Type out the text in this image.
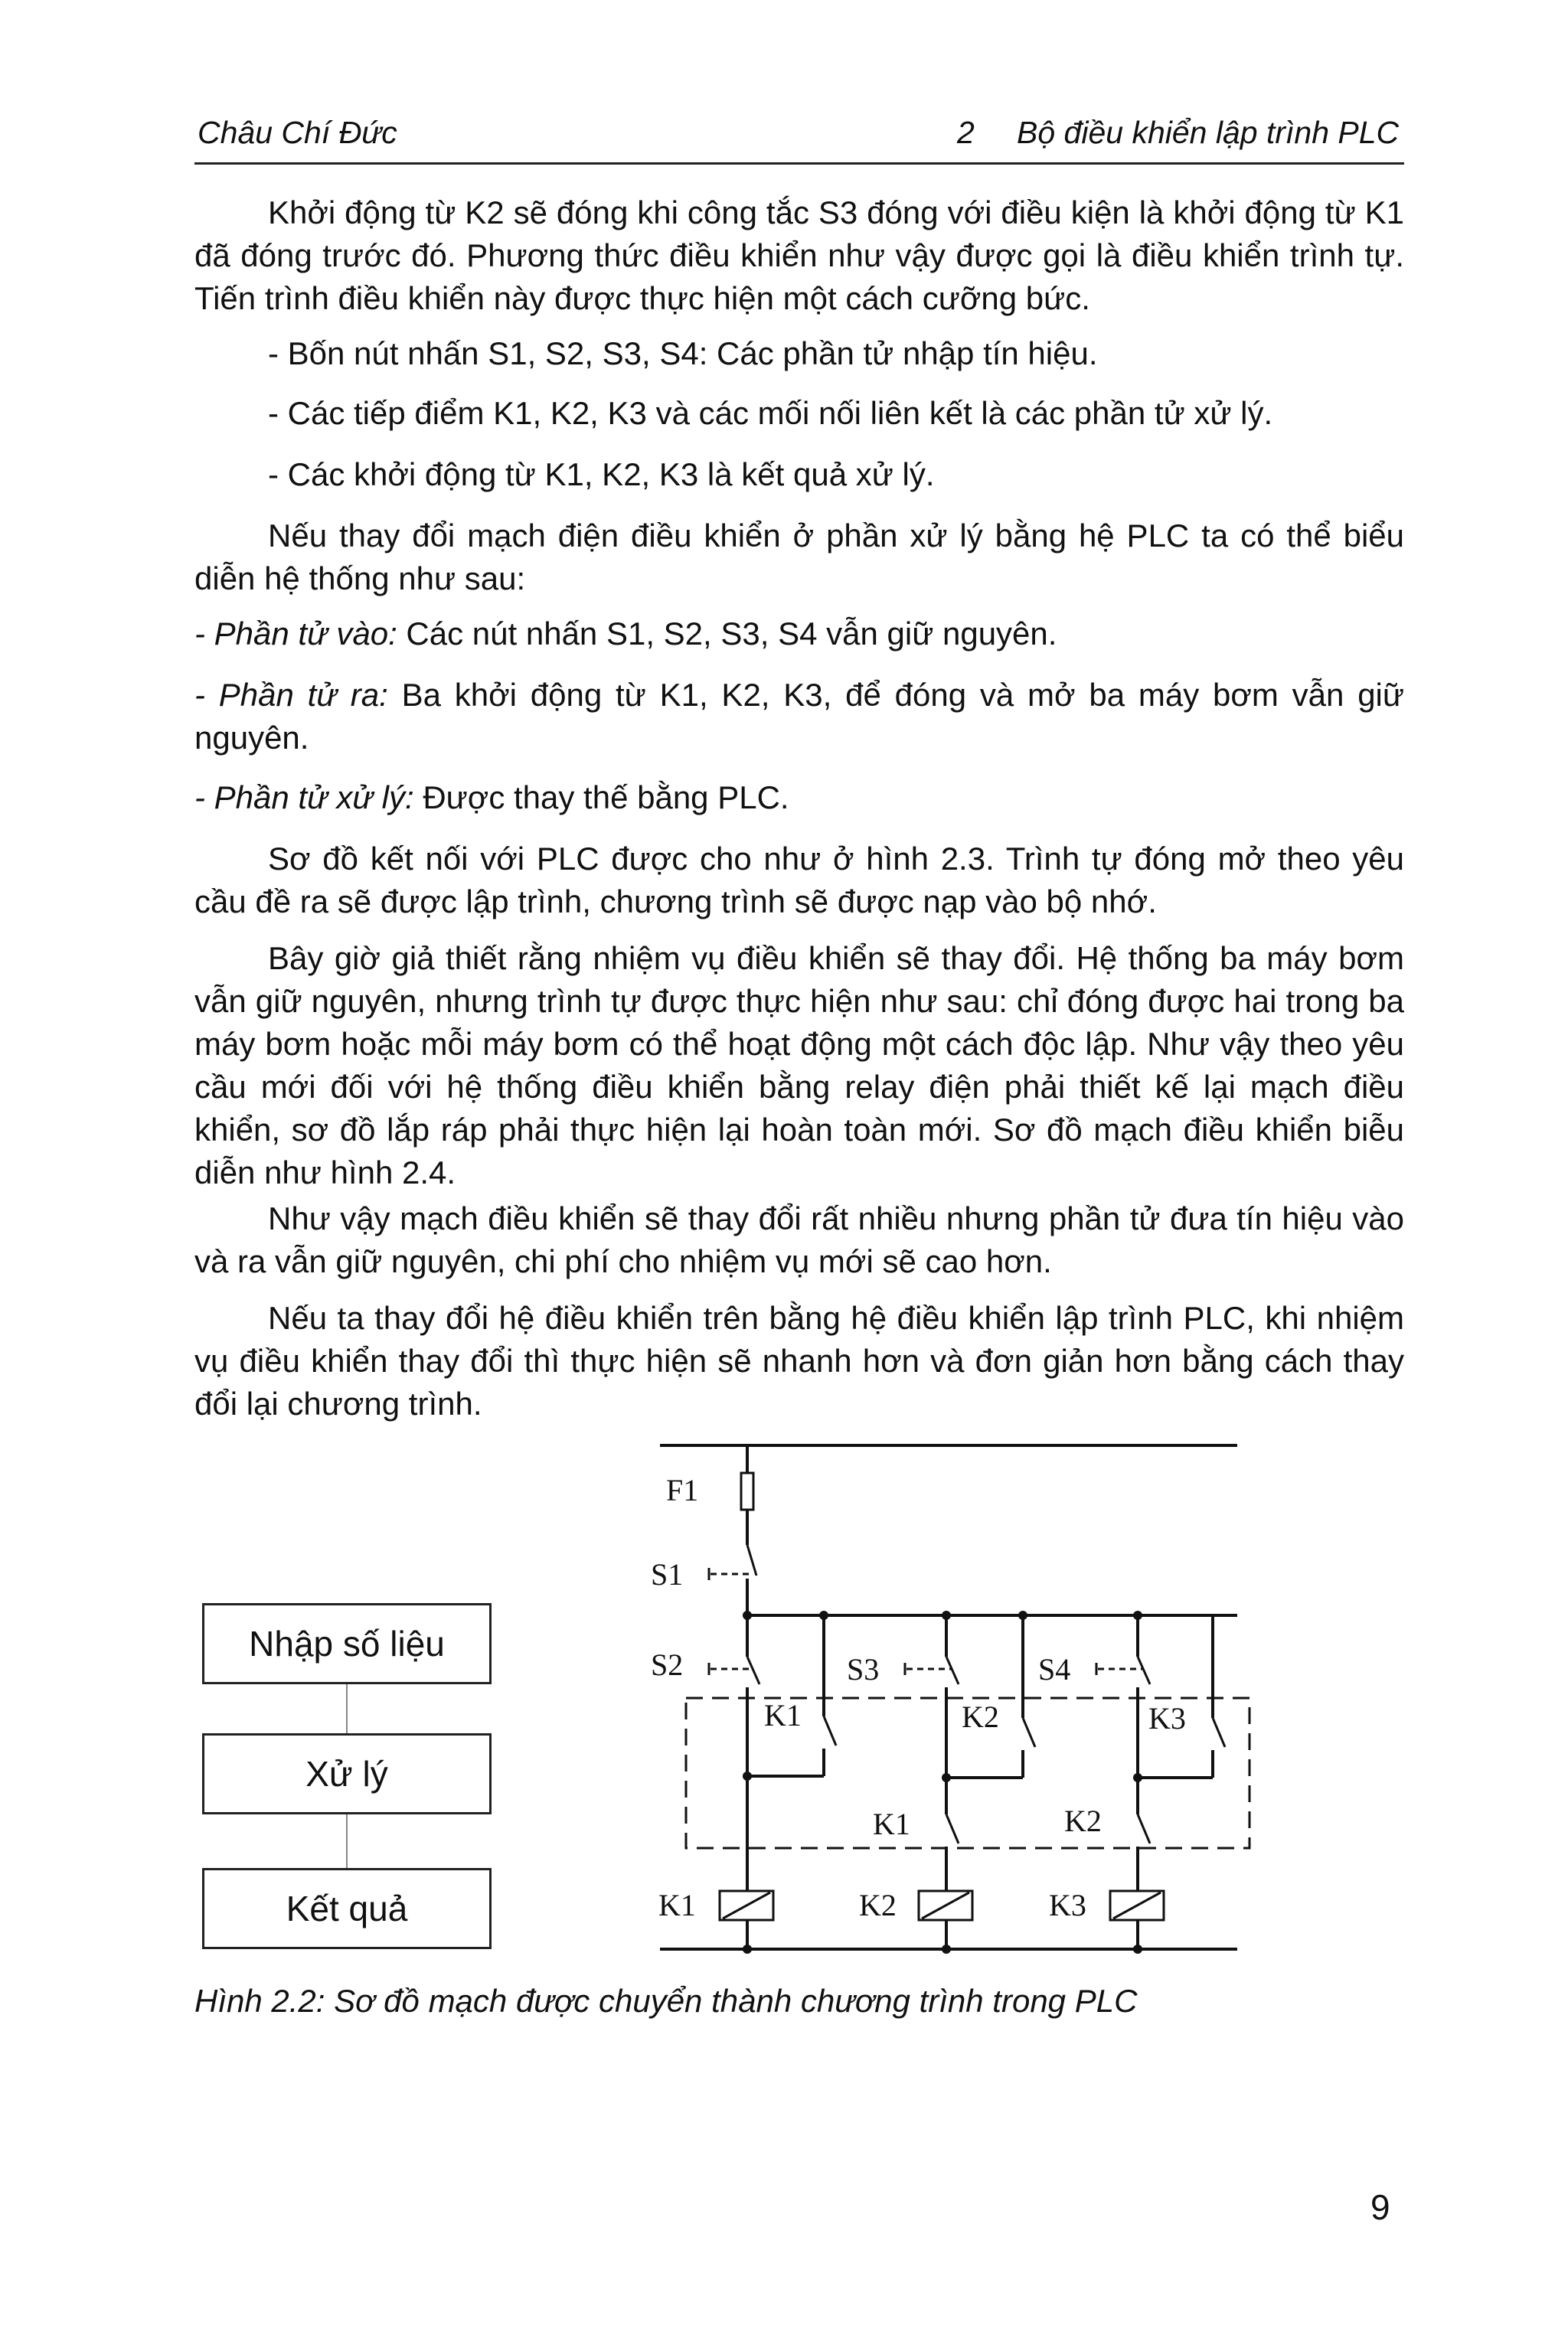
Châu Chí Đức	2 Bộ điều khiển lập trình PLC

Khởi động từ K2 sẽ đóng khi công tắc S3 đóng với điều kiện là khởi động từ K1 đã đóng trước đó. Phương thức điều khiển như vậy được gọi là điều khiển trình tự. Tiến trình điều khiển này được thực hiện một cách cưỡng bức.

- Bốn nút nhấn S1, S2, S3, S4: Các phần tử nhập tín hiệu.

- Các tiếp điểm K1, K2, K3 và các mối nối liên kết là các phần tử xử lý.

- Các khởi động từ K1, K2, K3 là kết quả xử lý.

Nếu thay đổi mạch điện điều khiển ở phần xử lý bằng hệ PLC ta có thể biểu diễn hệ thống như sau:

- Phần tử vào: Các nút nhấn S1, S2, S3, S4 vẫn giữ nguyên.

- Phần tử ra: Ba khởi động từ K1, K2, K3, để đóng và mở ba máy bơm vẫn giữ nguyên.

- Phần tử xử lý: Được thay thế bằng PLC.

Sơ đồ kết nối với PLC được cho như ở hình 2.3. Trình tự đóng mở theo yêu cầu đề ra sẽ được lập trình, chương trình sẽ được nạp vào bộ nhớ.

Bây giờ giả thiết rằng nhiệm vụ điều khiển sẽ thay đổi. Hệ thống ba máy bơm vẫn giữ nguyên, nhưng trình tự được thực hiện như sau: chỉ đóng được hai trong ba máy bơm hoặc mỗi máy bơm có thể hoạt động một cách độc lập. Như vậy theo yêu cầu mới đối với hệ thống điều khiển bằng relay điện phải thiết kế lại mạch điều khiển, sơ đồ lắp ráp phải thực hiện lại hoàn toàn mới. Sơ đồ mạch điều khiển biễu diễn như hình 2.4.

Như vậy mạch điều khiển sẽ thay đổi rất nhiều nhưng phần tử đưa tín hiệu vào và ra vẫn giữ nguyên, chi phí cho nhiệm vụ mới sẽ cao hơn.

Nếu ta thay đổi hệ điều khiển trên bằng hệ điều khiển lập trình PLC, khi nhiệm vụ điều khiển thay đổi thì thực hiện sẽ nhanh hơn và đơn giản hơn bằng cách thay đổi lại chương trình.

Nhập số liệu
Xử lý
Kết quả
F1
S1
S2	S3	S4
K1	K2	K3
K1	K2
K1	K2	K3
Hình 2.2: Sơ đồ mạch được chuyển thành chương trình trong PLC
9
